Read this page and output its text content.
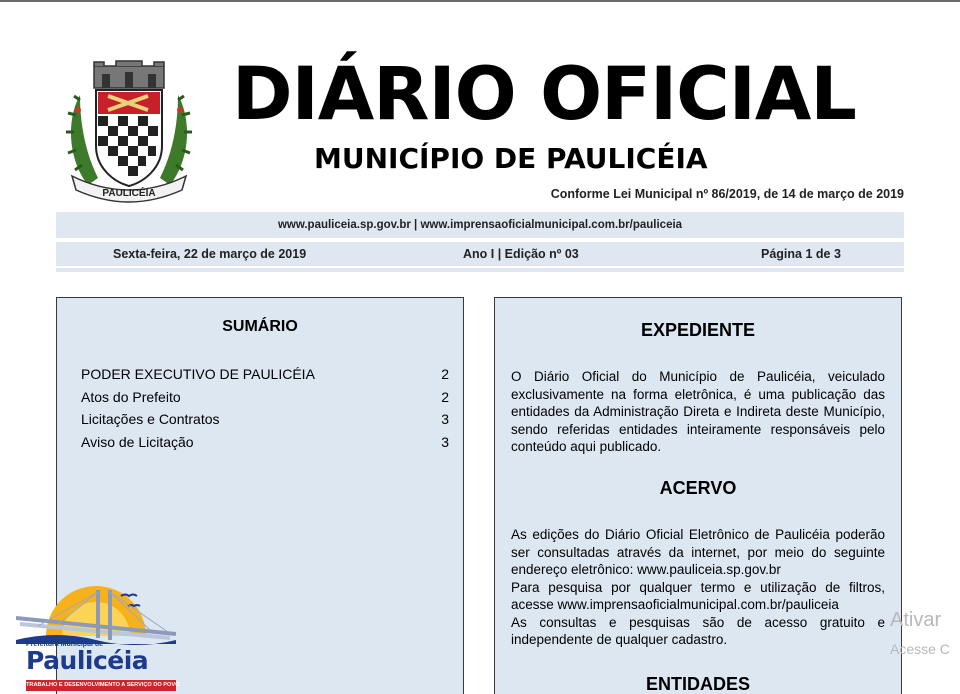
PAULICÉIA
DIÁRIO OFICIAL
MUNICÍPIO DE PAULICÉIA
Conforme Lei Municipal nº 86/2019, de 14 de março de 2019
www.pauliceia.sp.gov.br | www.imprensaoficialmunicipal.com.br/pauliceia
Sexta-feira, 22 de março de 2019	Ano I | Edição nº 03	Página 1 de 3
SUMÁRIO
PODER EXECUTIVO DE PAULICÉIA	2
Atos do Prefeito	2
Licitações e Contratos	3
Aviso de Licitação	3
EXPEDIENTE

O Diário Oficial do Município de Paulicéia, veiculado exclusivamente na forma eletrônica, é uma publicação das entidades da Administração Direta e Indireta deste Município, sendo referidas entidades inteiramente responsáveis pelo conteúdo aqui publicado.

ACERVO

As edições do Diário Oficial Eletrônico de Paulicéia poderão ser consultadas através da internet, por meio do seguinte endereço eletrônico: www.pauliceia.sp.gov.br

Para pesquisa por qualquer termo e utilização de filtros, acesse www.imprensaoficialmunicipal.com.br/pauliceia

As consultas e pesquisas são de acesso gratuito e independente de qualquer cadastro.

ENTIDADES
Prefeitura Municipal de
Paulicéia
TRABALHO E DESENVOLVIMENTO A SERVIÇO DO POVO
Ativar
Acesse C
